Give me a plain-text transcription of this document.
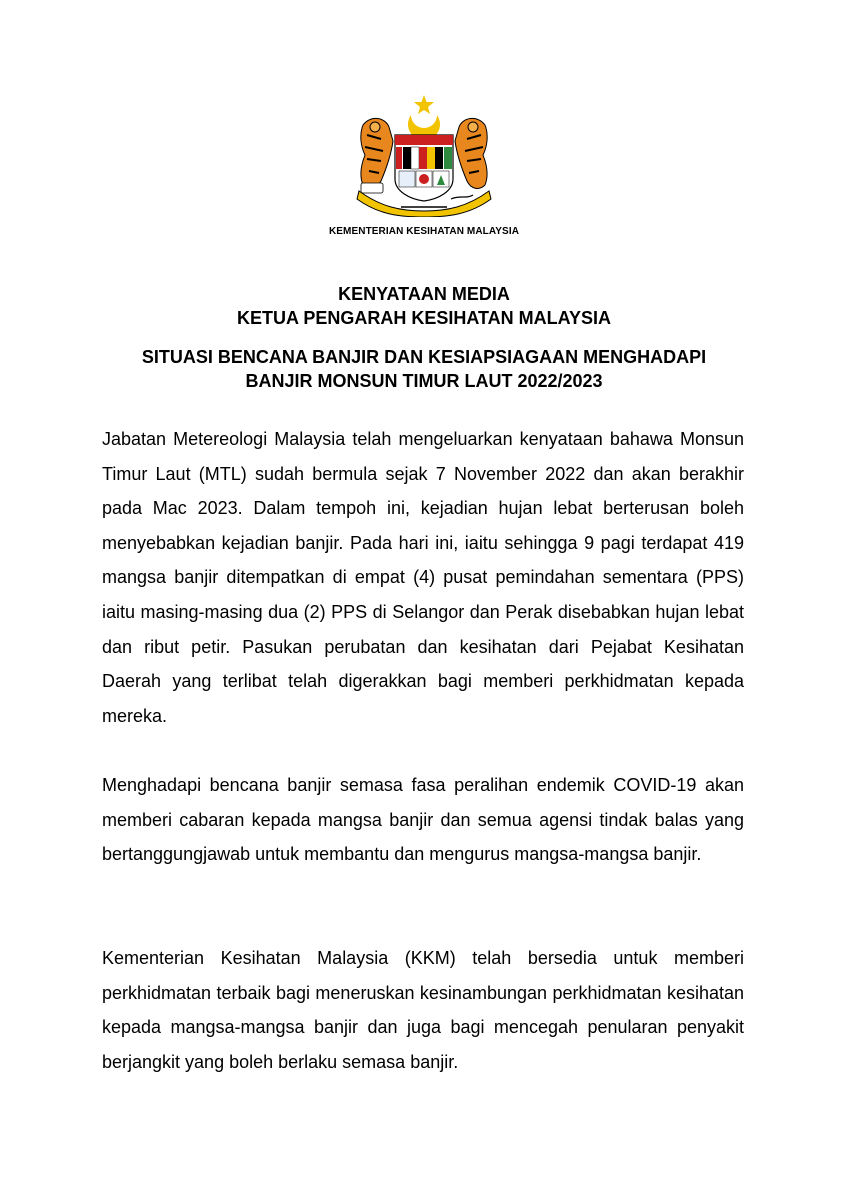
KEMENTERIAN KESIHATAN MALAYSIA
KENYATAAN MEDIA
KETUA PENGARAH KESIHATAN MALAYSIA
SITUASI BENCANA BANJIR DAN KESIAPSIAGAAN MENGHADAPI
BANJIR MONSUN TIMUR LAUT 2022/2023

Jabatan Metereologi Malaysia telah mengeluarkan kenyataan bahawa Monsun Timur Laut (MTL) sudah bermula sejak 7 November 2022 dan akan berakhir pada Mac 2023. Dalam tempoh ini, kejadian hujan lebat berterusan boleh menyebabkan kejadian banjir. Pada hari ini, iaitu sehingga 9 pagi terdapat 419 mangsa banjir ditempatkan di empat (4) pusat pemindahan sementara (PPS) iaitu masing-masing dua (2) PPS di Selangor dan Perak disebabkan hujan lebat dan ribut petir. Pasukan perubatan dan kesihatan dari Pejabat Kesihatan Daerah yang terlibat telah digerakkan bagi memberi perkhidmatan kepada mereka.

Menghadapi bencana banjir semasa fasa peralihan endemik COVID-19 akan memberi cabaran kepada mangsa banjir dan semua agensi tindak balas yang bertanggungjawab untuk membantu dan mengurus mangsa-mangsa banjir.

Kementerian Kesihatan Malaysia (KKM) telah bersedia untuk memberi perkhidmatan terbaik bagi meneruskan kesinambungan perkhidmatan kesihatan kepada mangsa-mangsa banjir dan juga bagi mencegah penularan penyakit berjangkit yang boleh berlaku semasa banjir.
